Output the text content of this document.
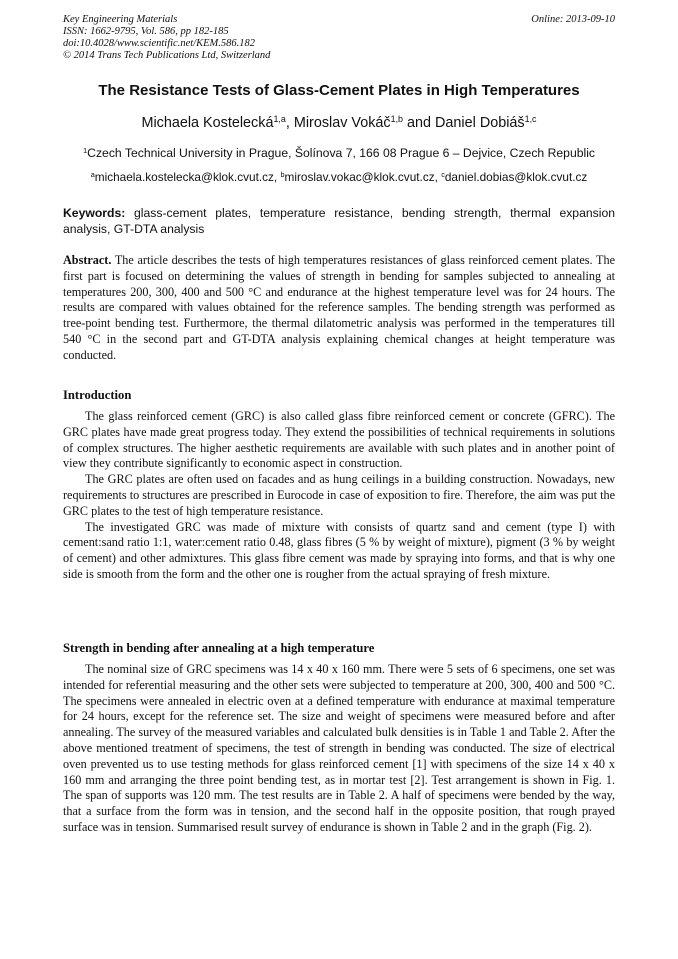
Key Engineering Materials
ISSN: 1662-9795, Vol. 586, pp 182-185
doi:10.4028/www.scientific.net/KEM.586.182
© 2014 Trans Tech Publications Ltd, Switzerland
Online: 2013-09-10
The Resistance Tests of Glass-Cement Plates in High Temperatures
Michaela Kostelecká$^{1,a}$, Miroslav Vokáč$^{1,b}$ and Daniel Dobiáš$^{1,c}$
$^1$Czech Technical University in Prague, Šolínova 7, 166 08 Prague 6 – Dejvice, Czech Republic
$^a$michaela.kostelecka@klok.cvut.cz, $^b$miroslav.vokac@klok.cvut.cz, $^c$daniel.dobias@klok.cvut.cz
Keywords: glass-cement plates, temperature resistance, bending strength, thermal expansion analysis, GT-DTA analysis

Abstract. The article describes the tests of high temperatures resistances of glass reinforced cement plates. The first part is focused on determining the values of strength in bending for samples subjected to annealing at temperatures 200, 300, 400 and 500 °C and endurance at the highest temperature level was for 24 hours. The results are compared with values obtained for the reference samples. The bending strength was performed as tree-point bending test. Furthermore, the thermal dilatometric analysis was performed in the temperatures till 540 °C in the second part and GT-DTA analysis explaining chemical changes at height temperature was conducted.

Introduction

The glass reinforced cement (GRC) is also called glass fibre reinforced cement or concrete (GFRC). The GRC plates have made great progress today. They extend the possibilities of technical requirements in solutions of complex structures. The higher aesthetic requirements are available with such plates and in another point of view they contribute significantly to economic aspect in construction.

The GRC plates are often used on facades and as hung ceilings in a building construction. Nowadays, new requirements to structures are prescribed in Eurocode in case of exposition to fire. Therefore, the aim was put the GRC plates to the test of high temperature resistance.

The investigated GRC was made of mixture with consists of quartz sand and cement (type I) with cement:sand ratio 1:1, water:cement ratio 0.48, glass fibres (5 % by weight of mixture), pigment (3 % by weight of cement) and other admixtures. This glass fibre cement was made by spraying into forms, and that is why one side is smooth from the form and the other one is rougher from the actual spraying of fresh mixture.

Strength in bending after annealing at a high temperature

The nominal size of GRC specimens was 14 x 40 x 160 mm. There were 5 sets of 6 specimens, one set was intended for referential measuring and the other sets were subjected to temperature at 200, 300, 400 and 500 °C. The specimens were annealed in electric oven at a defined temperature with endurance at maximal temperature for 24 hours, except for the reference set. The size and weight of specimens were measured before and after annealing. The survey of the measured variables and calculated bulk densities is in Table 1 and Table 2. After the above mentioned treatment of specimens, the test of strength in bending was conducted. The size of electrical oven prevented us to use testing methods for glass reinforced cement [1] with specimens of the size 14 x 40 x 160 mm and arranging the three point bending test, as in mortar test [2]. Test arrangement is shown in Fig. 1. The span of supports was 120 mm. The test results are in Table 2. A half of specimens were bended by the way, that a surface from the form was in tension, and the second half in the opposite position, that rough prayed surface was in tension. Summarised result survey of endurance is shown in Table 2 and in the graph (Fig. 2).
